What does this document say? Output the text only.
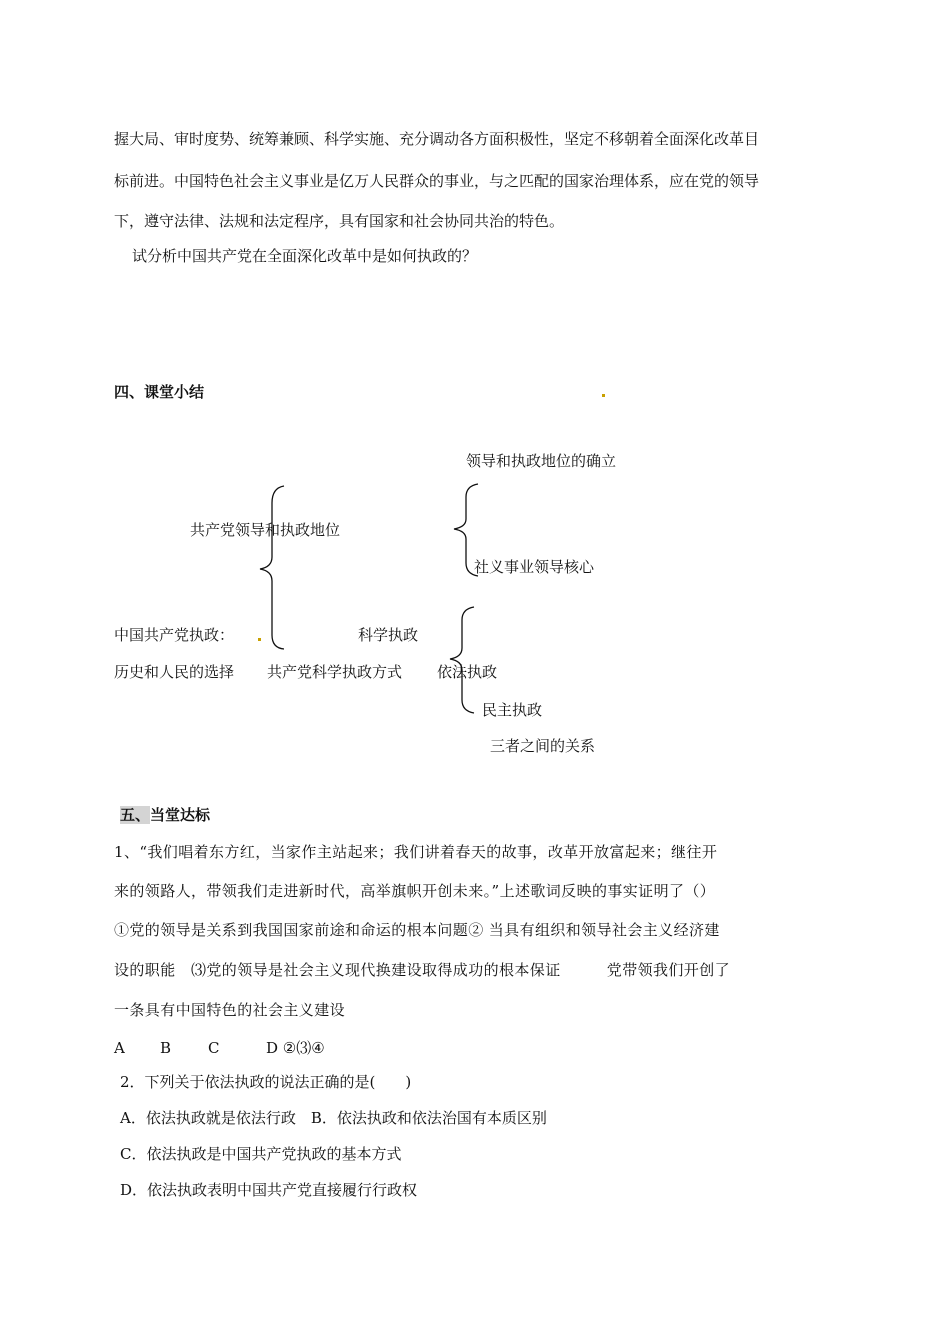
握大局、审时度势、统筹兼顾、科学实施、充分调动各方面积极性，坚定不移朝着全面深化改革目
标前进。中国特色社会主义事业是亿万人民群众的事业，与之匹配的国家治理体系，应在党的领导
下，遵守法律、法规和法定程序，具有国家和社会协同共治的特色。
试分析中国共产党在全面深化改革中是如何执政的？
四、课堂小结
领导和执政地位的确立
共产党领导和执政地位
社义事业领导核心
中国共产党执政：	科学执政
历史和人民的选择 共产党科学执政方式 依法执政
民主执政
三者之间的关系
五、当堂达标
1、“我们唱着东方红，当家作主站起来；我们讲着春天的故事，改革开放富起来；继往开
来的领路人，带领我们走进新时代，高举旗帜开创未来。”上述歌词反映的事实证明了（）
①党的领导是关系到我国国家前途和命运的根本问题② 当具有组织和领导社会主义经济建
设的职能　⑶党的领导是社会主义现代换建设取得成功的根本保证　　　党带领我们开创了
一条具有中国特色的社会主义建设
A B C	D ②⑶④
2．下列关于依法执政的说法正确的是(　　)
A．依法执政就是依法行政　B．依法执政和依法治国有本质区别
C．依法执政是中国共产党执政的基本方式
D．依法执政表明中国共产党直接履行行政权
